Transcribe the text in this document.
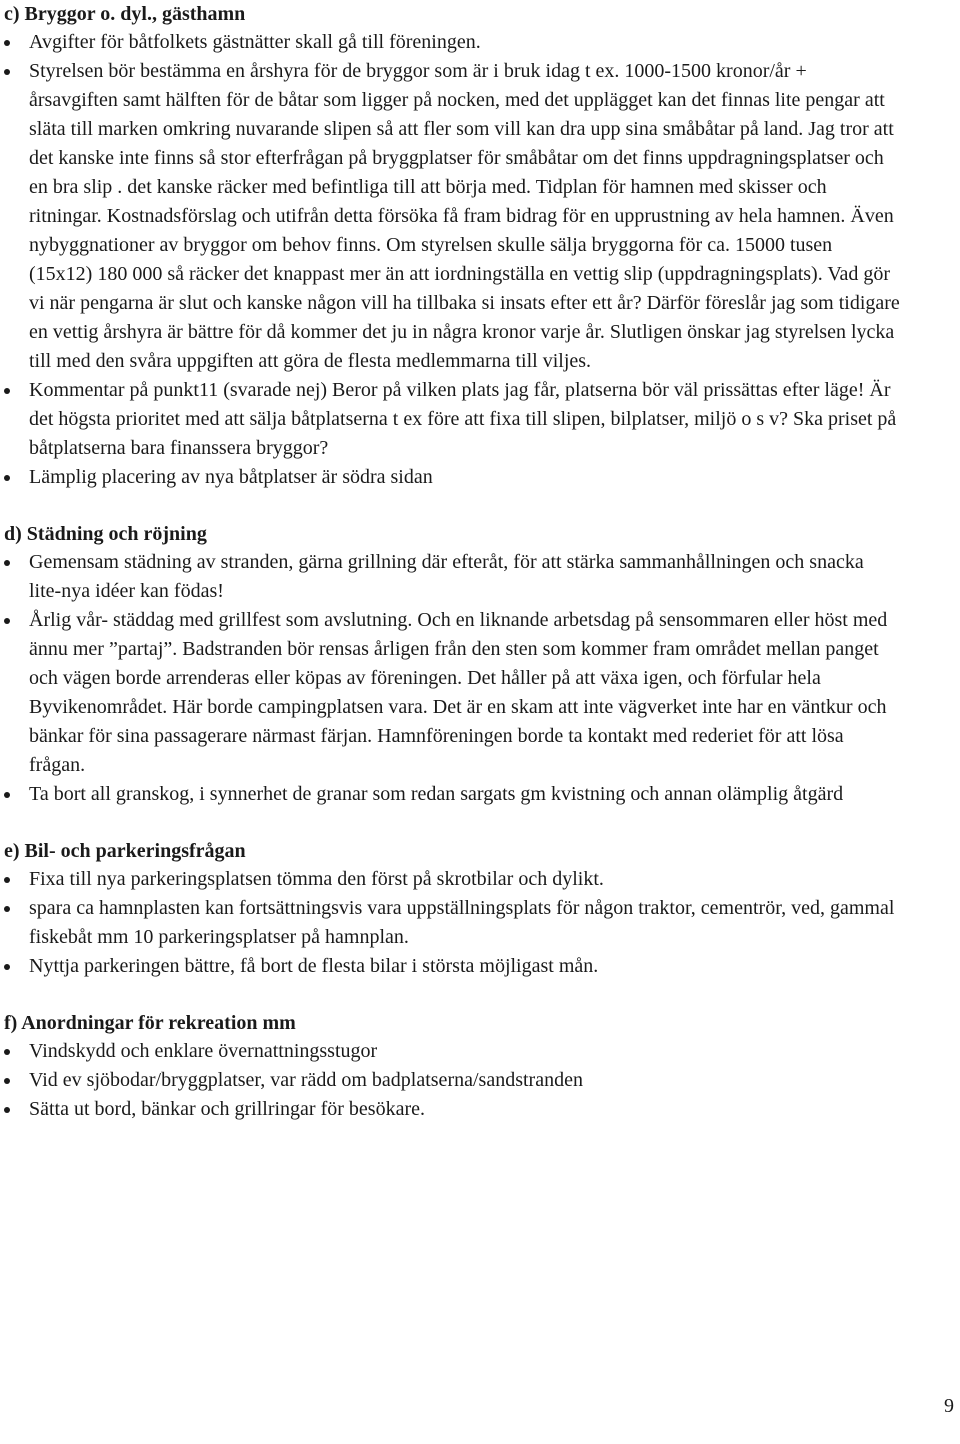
c) Bryggor o. dyl., gästhamn

Avgifter för båtfolkets gästnätter skall gå till föreningen.
Styrelsen bör bestämma en årshyra för de bryggor som är i bruk idag t ex. 1000-1500 kronor/år + årsavgiften samt hälften för de båtar som ligger på nocken, med det upplägget kan det finnas lite pengar att släta till marken omkring nuvarande slipen så att fler som vill kan dra upp sina småbåtar på land. Jag tror att det kanske inte finns så stor efterfrågan på bryggplatser för småbåtar om det finns uppdragningsplatser och en bra slip . det kanske räcker med befintliga till att börja med. Tidplan för hamnen med skisser och ritningar. Kostnadsförslag och utifrån detta försöka få fram bidrag för en upprustning av hela hamnen. Även nybyggnationer av bryggor om behov finns. Om styrelsen skulle sälja bryggorna för ca. 15000 tusen (15x12) 180 000 så räcker det knappast mer än att iordningställa en vettig slip (uppdragningsplats). Vad gör vi när pengarna är slut och kanske någon vill ha tillbaka si insats efter ett år? Därför föreslår jag som tidigare en vettig årshyra är bättre för då kommer det ju in några kronor varje år. Slutligen önskar jag styrelsen lycka till med den svåra uppgiften att göra de flesta medlemmarna till viljes.
Kommentar på punkt11 (svarade nej) Beror på vilken plats jag får, platserna bör väl prissättas efter läge! Är det högsta prioritet med att sälja båtplatserna t ex före att fixa till slipen, bilplatser, miljö o s v? Ska priset på båtplatserna bara finanssera bryggor?
Lämplig placering av nya båtplatser är södra sidan

d) Städning och röjning

Gemensam städning av stranden, gärna grillning där efteråt, för att stärka sammanhållningen och snacka lite-nya idéer kan födas!
Årlig vår- städdag med grillfest som avslutning. Och en liknande arbetsdag på sensommaren eller höst med ännu mer ”partaj”. Badstranden bör rensas årligen från den sten som kommer fram området mellan panget och vägen borde arrenderas eller köpas av föreningen. Det håller på att växa igen, och förfular hela Byvikenområdet. Här borde campingplatsen vara. Det är en skam att inte vägverket inte har en väntkur och bänkar för sina passagerare närmast färjan. Hamnföreningen borde ta kontakt med rederiet för att lösa frågan.
Ta bort all granskog, i synnerhet de granar som redan sargats gm kvistning och annan olämplig åtgärd

e) Bil- och parkeringsfrågan

Fixa till nya parkeringsplatsen tömma den först på skrotbilar och dylikt.
spara ca hamnplasten kan fortsättningsvis vara uppställningsplats för någon traktor, cementrör, ved, gammal fiskebåt mm 10 parkeringsplatser på hamnplan.
Nyttja parkeringen bättre, få bort de flesta bilar i största möjligast mån.

f) Anordningar för rekreation mm

Vindskydd och enklare övernattningsstugor
Vid ev sjöbodar/bryggplatser, var rädd om badplatserna/sandstranden
Sätta ut bord, bänkar och grillringar för besökare.
9
